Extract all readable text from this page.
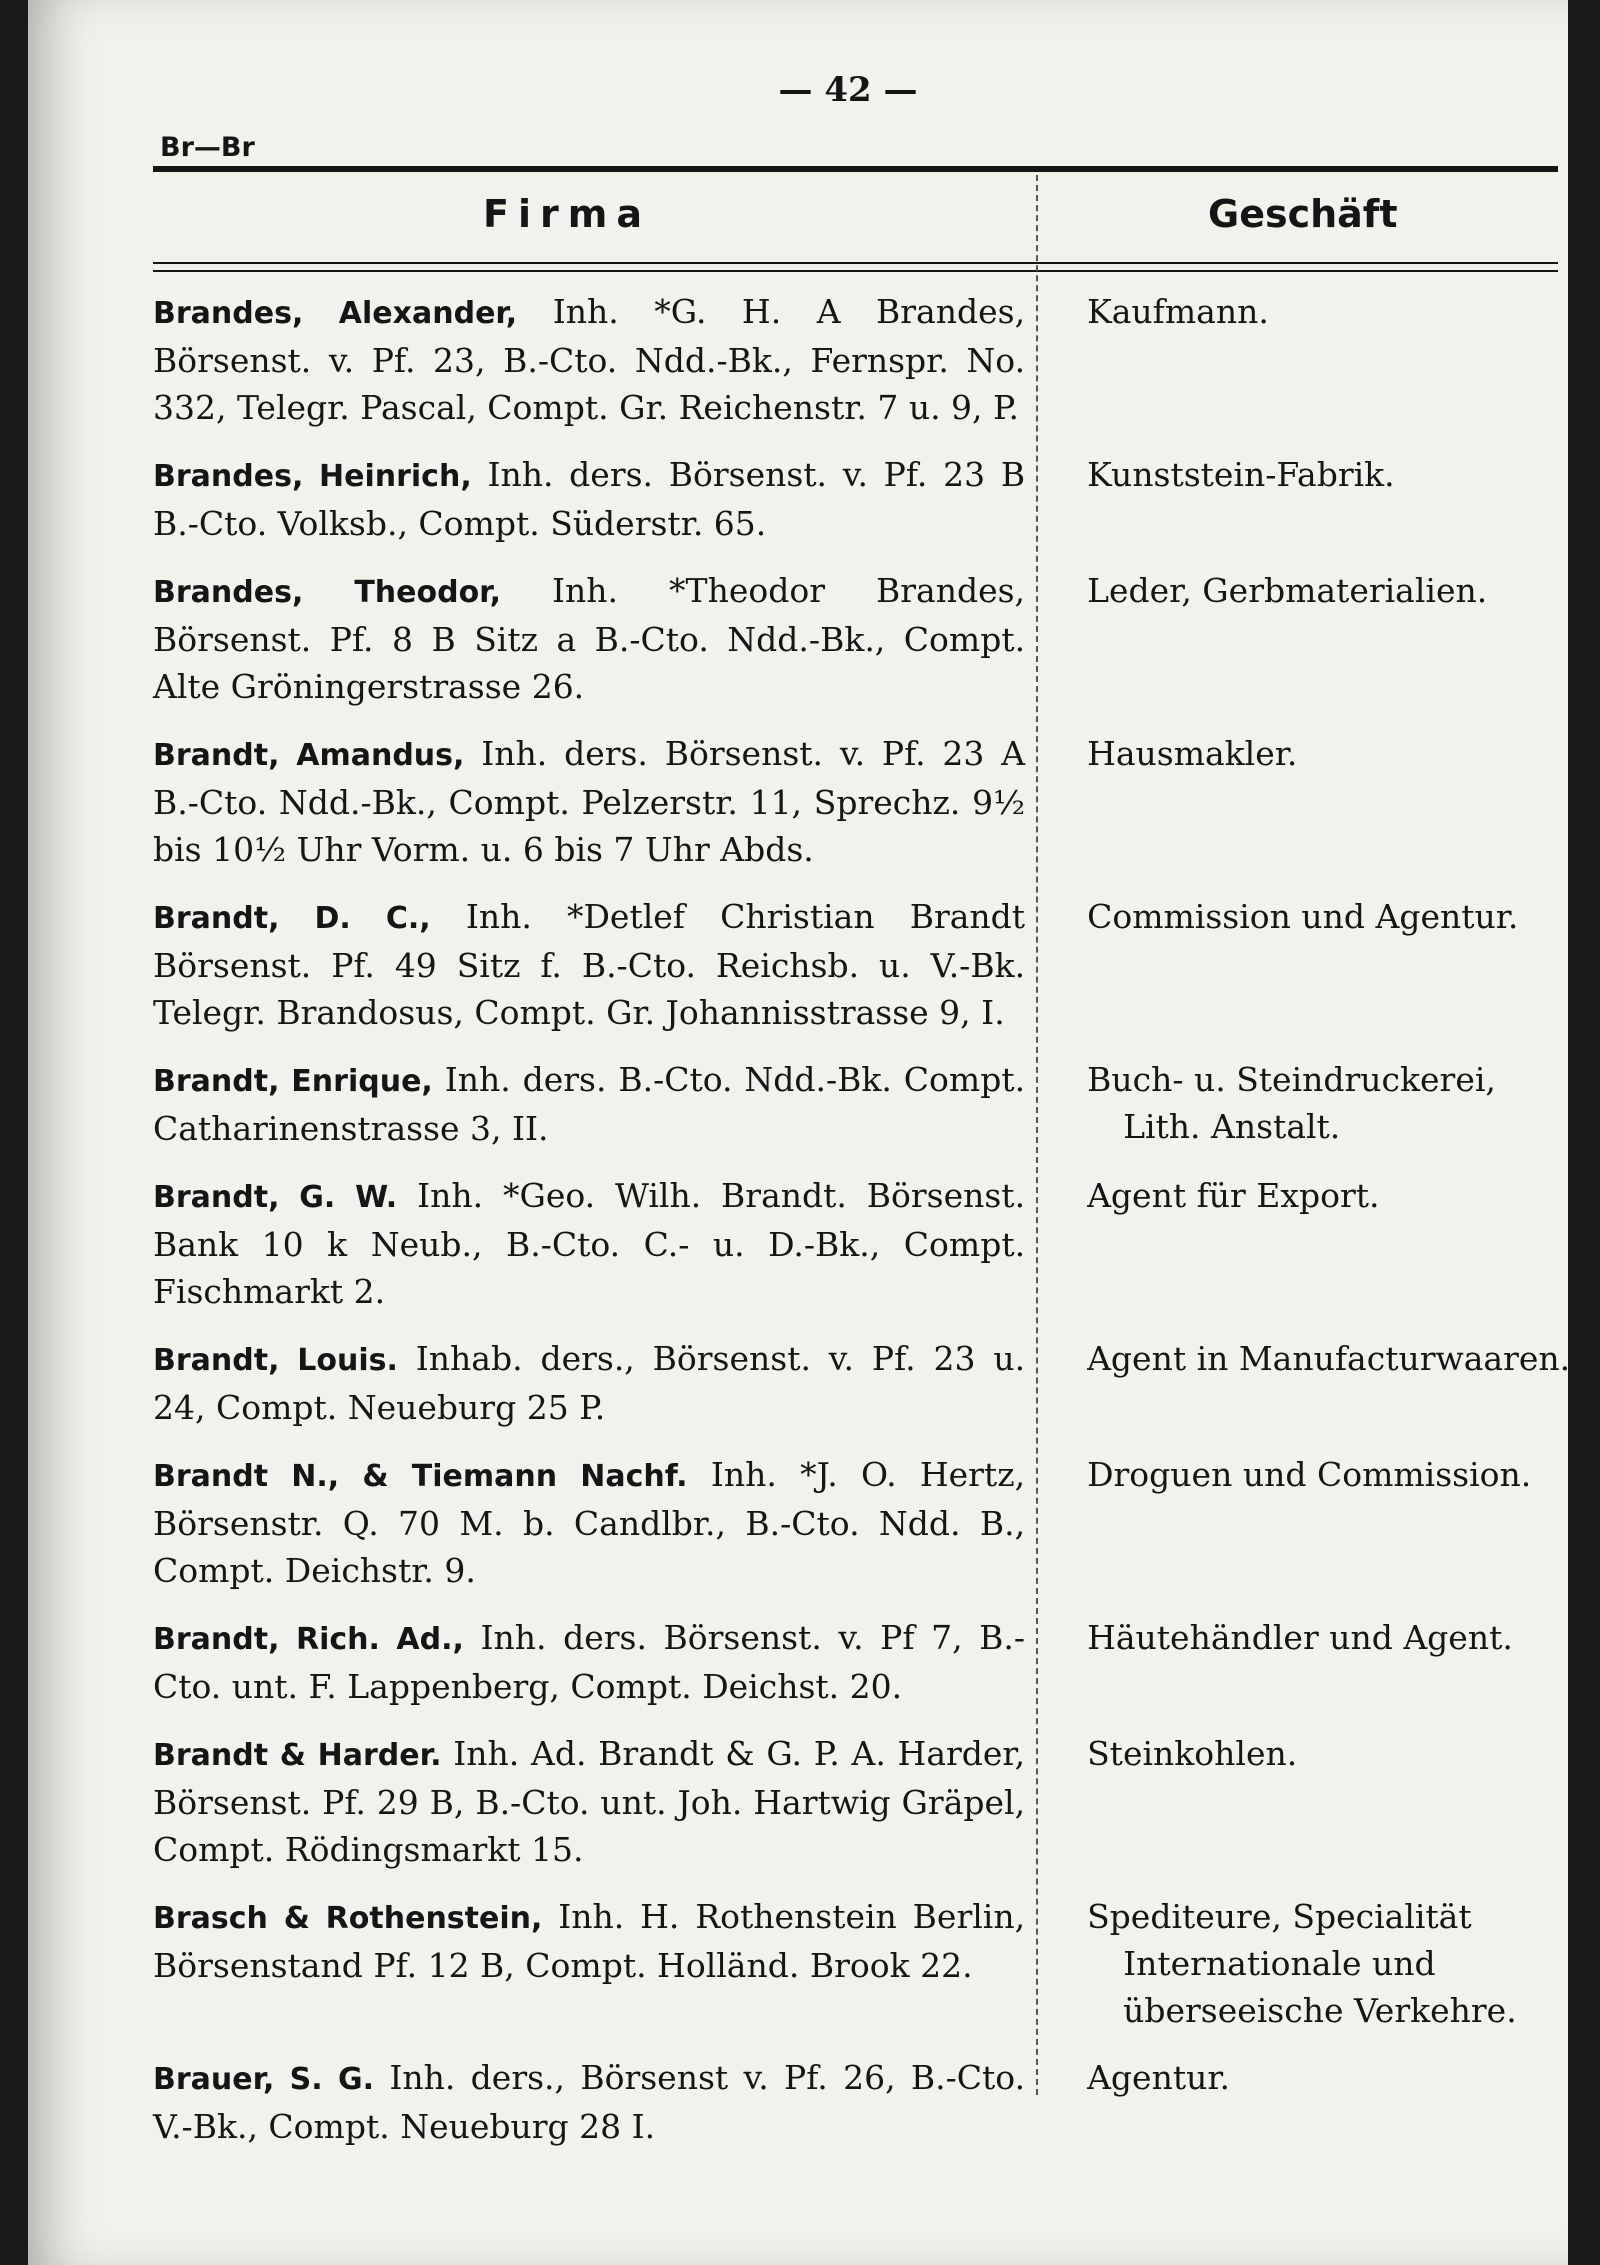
— 42 —
Br—Br
Firma	Geschäft
Brandes, Alexander, Inh. *G. H. A Brandes, Börsenst. v. Pf. 23, B.-Cto. Ndd.-Bk., Fernspr. No. 332, Telegr. Pascal, Compt. Gr. Reichenstr. 7 u. 9, P.
Kaufmann.
Brandes, Heinrich, Inh. ders. Börsenst. v. Pf. 23 B B.-Cto. Volksb., Compt. Süderstr. 65.
Kunststein-Fabrik.
Brandes, Theodor, Inh. *Theodor Brandes, Börsenst. Pf. 8 B Sitz a B.-Cto. Ndd.-Bk., Compt. Alte Gröningerstrasse 26.
Leder, Gerbmaterialien.
Brandt, Amandus, Inh. ders. Börsenst. v. Pf. 23 A B.-Cto. Ndd.-Bk., Compt. Pelzerstr. 11, Sprechz. 9½ bis 10½ Uhr Vorm. u. 6 bis 7 Uhr Abds.
Hausmakler.
Brandt, D. C., Inh. *Detlef Christian Brandt Börsenst. Pf. 49 Sitz f. B.-Cto. Reichsb. u. V.-Bk. Telegr. Brandosus, Compt. Gr. Johannisstrasse 9, I.
Commission und Agentur.
Brandt, Enrique, Inh. ders. B.-Cto. Ndd.-Bk. Compt. Catharinenstrasse 3, II.
Buch- u. Steindruckerei, Lith. Anstalt.
Brandt, G. W. Inh. *Geo. Wilh. Brandt. Börsenst. Bank 10 k Neub., B.-Cto. C.- u. D.-Bk., Compt. Fischmarkt 2.
Agent für Export.
Brandt, Louis. Inhab. ders., Börsenst. v. Pf. 23 u. 24, Compt. Neueburg 25 P.
Agent in Manufacturwaaren.
Brandt N., & Tiemann Nachf. Inh. *J. O. Hertz, Börsenstr. Q. 70 M. b. Candlbr., B.-Cto. Ndd. B., Compt. Deichstr. 9.
Droguen und Commission.
Brandt, Rich. Ad., Inh. ders. Börsenst. v. Pf 7, B.-Cto. unt. F. Lappenberg, Compt. Deichst. 20.
Häutehändler und Agent.
Brandt & Harder. Inh. Ad. Brandt & G. P. A. Harder, Börsenst. Pf. 29 B, B.-Cto. unt. Joh. Hartwig Gräpel, Compt. Rödingsmarkt 15.
Steinkohlen.
Brasch & Rothenstein, Inh. H. Rothenstein Berlin, Börsenstand Pf. 12 B, Compt. Holländ. Brook 22.
Spediteure, Specialität Internationale und überseeische Verkehre.
Brauer, S. G. Inh. ders., Börsenst v. Pf. 26, B.-Cto. V.-Bk., Compt. Neueburg 28 I.
Agentur.
